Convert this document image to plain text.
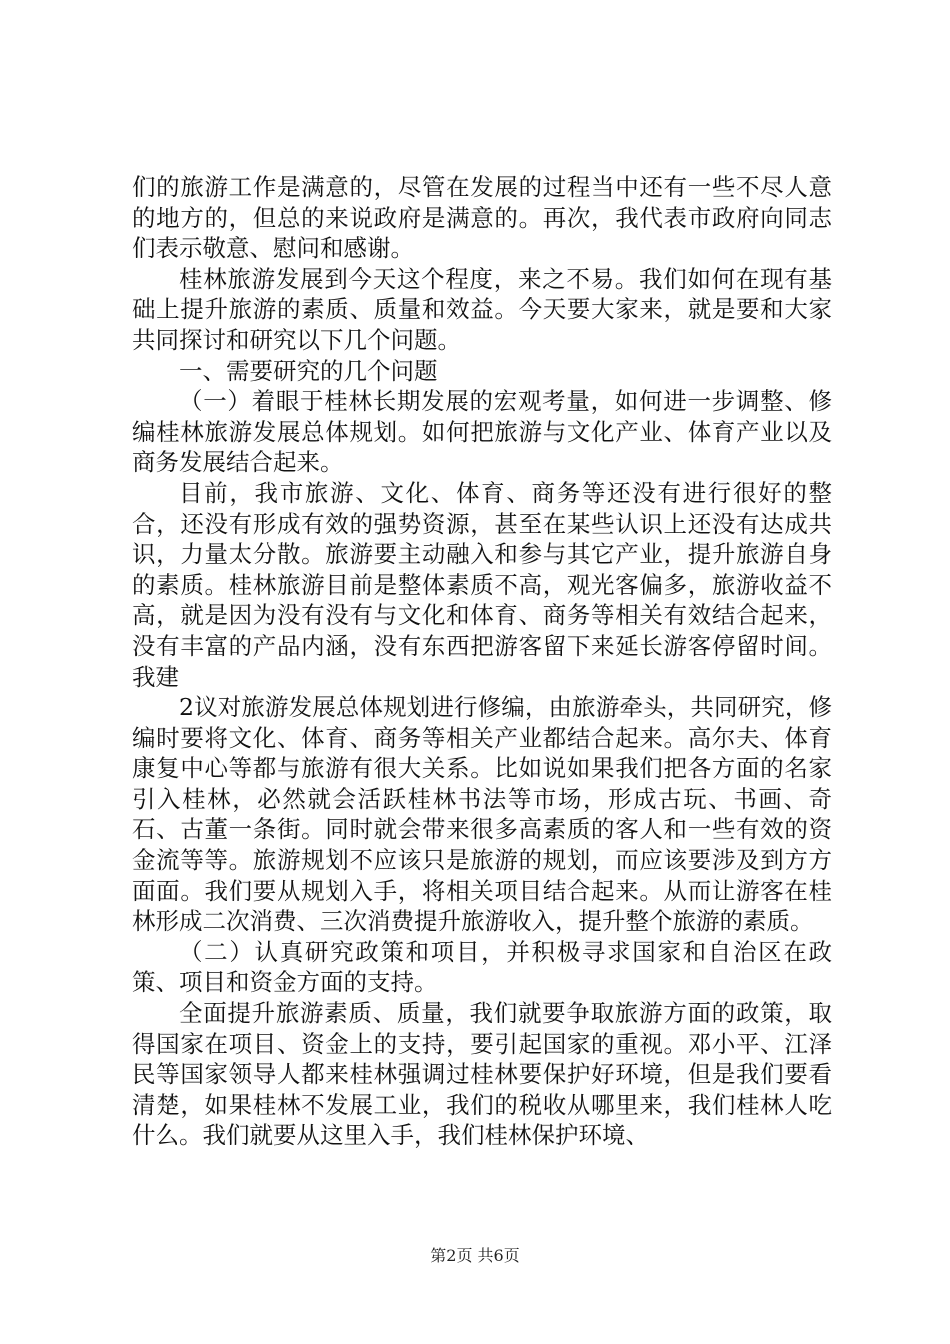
们的旅游工作是满意的，尽管在发展的过程当中还有一些不尽人意的地方的，但总的来说政府是满意的。再次，我代表市政府向同志们表示敬意、慰问和感谢。

桂林旅游发展到今天这个程度，来之不易。我们如何在现有基础上提升旅游的素质、质量和效益。今天要大家来，就是要和大家共同探讨和研究以下几个问题。

一、需要研究的几个问题

（一）着眼于桂林长期发展的宏观考量，如何进一步调整、修编桂林旅游发展总体规划。如何把旅游与文化产业、体育产业以及商务发展结合起来。

目前，我市旅游、文化、体育、商务等还没有进行很好的整合，还没有形成有效的强势资源，甚至在某些认识上还没有达成共识，力量太分散。旅游要主动融入和参与其它产业，提升旅游自身的素质。桂林旅游目前是整体素质不高，观光客偏多，旅游收益不高，就是因为没有没有与文化和体育、商务等相关有效结合起来，没有丰富的产品内涵，没有东西把游客留下来延长游客停留时间。我建

2议对旅游发展总体规划进行修编，由旅游牵头，共同研究，修编时要将文化、体育、商务等相关产业都结合起来。高尔夫、体育康复中心等都与旅游有很大关系。比如说如果我们把各方面的名家引入桂林，必然就会活跃桂林书法等市场，形成古玩、书画、奇石、古董一条街。同时就会带来很多高素质的客人和一些有效的资金流等等。旅游规划不应该只是旅游的规划，而应该要涉及到方方面面。我们要从规划入手，将相关项目结合起来。从而让游客在桂林形成二次消费、三次消费提升旅游收入，提升整个旅游的素质。

（二）认真研究政策和项目，并积极寻求国家和自治区在政策、项目和资金方面的支持。

全面提升旅游素质、质量，我们就要争取旅游方面的政策，取得国家在项目、资金上的支持，要引起国家的重视。邓小平、江泽民等国家领导人都来桂林强调过桂林要保护好环境，但是我们要看清楚，如果桂林不发展工业，我们的税收从哪里来，我们桂林人吃什么。我们就要从这里入手，我们桂林保护环境、

第2页 共6页
